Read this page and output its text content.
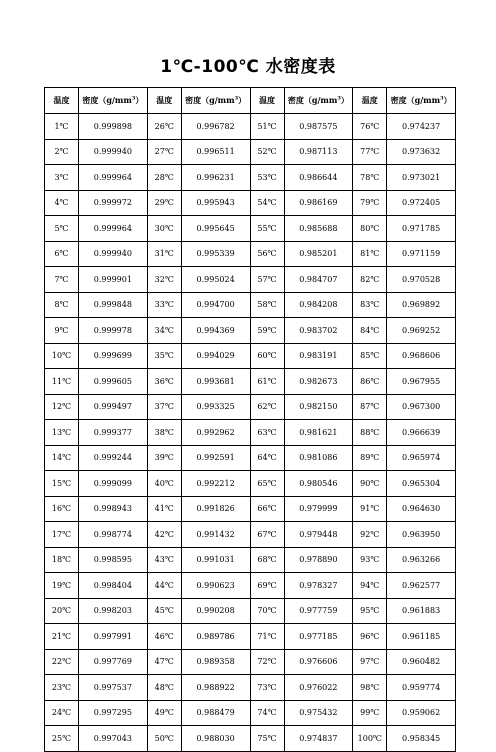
1℃-100℃ 水密度表
温度	密度$(g/mm^3)$	温度	密度$(g/mm^3)$	温度	密度$(g/mm^3)$	温度	密度$(g/mm^3)$
1℃	0.999898	26℃	0.996782	51℃	0.987575	76℃	0.974237
2℃	0.999940	27℃	0.996511	52℃	0.987113	77℃	0.973632
3℃	0.999964	28℃	0.996231	53℃	0.986644	78℃	0.973021
4℃	0.999972	29℃	0.995943	54℃	0.986169	79℃	0.972405
5℃	0.999964	30℃	0.995645	55℃	0.985688	80℃	0.971785
6℃	0.999940	31℃	0.995339	56℃	0.985201	81℃	0.971159
7℃	0.999901	32℃	0.995024	57℃	0.984707	82℃	0.970528
8℃	0.999848	33℃	0.994700	58℃	0.984208	83℃	0.969892
9℃	0.999978	34℃	0.994369	59℃	0.983702	84℃	0.969252
10℃	0.999699	35℃	0.994029	60℃	0.983191	85℃	0.968606
11℃	0.999605	36℃	0.993681	61℃	0.982673	86℃	0.967955
12℃	0.999497	37℃	0.993325	62℃	0.982150	87℃	0.967300
13℃	0.999377	38℃	0.992962	63℃	0.981621	88℃	0.966639
14℃	0.999244	39℃	0.992591	64℃	0.981086	89℃	0.965974
15℃	0.999099	40℃	0.992212	65℃	0.980546	90℃	0.965304
16℃	0.998943	41℃	0.991826	66℃	0.979999	91℃	0.964630
17℃	0.998774	42℃	0.991432	67℃	0.979448	92℃	0.963950
18℃	0.998595	43℃	0.991031	68℃	0.978890	93℃	0.963266
19℃	0.998404	44℃	0.990623	69℃	0.978327	94℃	0.962577
20℃	0.998203	45℃	0.990208	70℃	0.977759	95℃	0.961883
21℃	0.997991	46℃	0.989786	71℃	0.977185	96℃	0.961185
22℃	0.997769	47℃	0.989358	72℃	0.976606	97℃	0.960482
23℃	0.997537	48℃	0.988922	73℃	0.976022	98℃	0.959774
24℃	0.997295	49℃	0.988479	74℃	0.975432	99℃	0.959062
25℃	0.997043	50℃	0.988030	75℃	0.974837	100℃	0.958345
